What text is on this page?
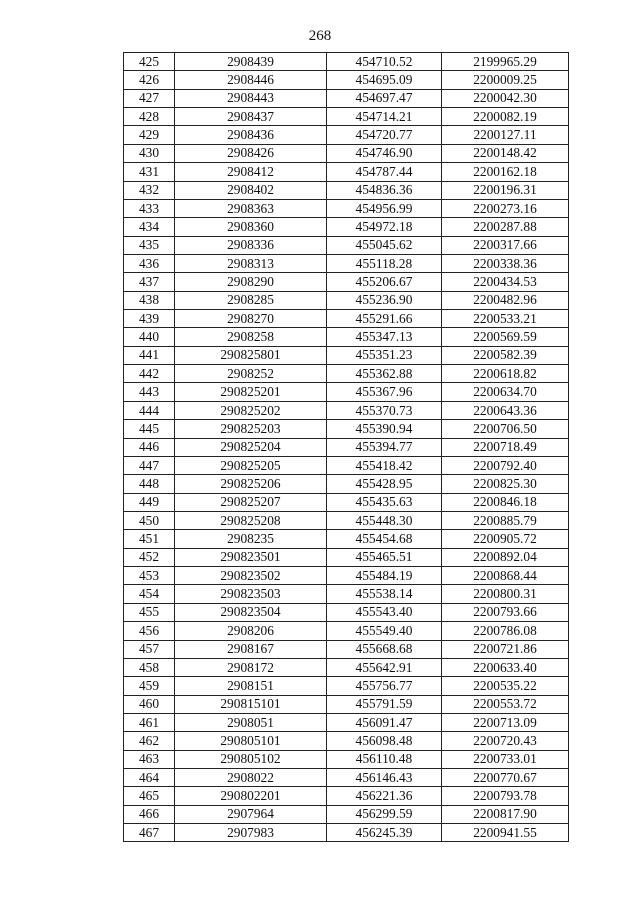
268
425	2908439	454710.52	2199965.29
426	2908446	454695.09	2200009.25
427	2908443	454697.47	2200042.30
428	2908437	454714.21	2200082.19
429	2908436	454720.77	2200127.11
430	2908426	454746.90	2200148.42
431	2908412	454787.44	2200162.18
432	2908402	454836.36	2200196.31
433	2908363	454956.99	2200273.16
434	2908360	454972.18	2200287.88
435	2908336	455045.62	2200317.66
436	2908313	455118.28	2200338.36
437	2908290	455206.67	2200434.53
438	2908285	455236.90	2200482.96
439	2908270	455291.66	2200533.21
440	2908258	455347.13	2200569.59
441	290825801	455351.23	2200582.39
442	2908252	455362.88	2200618.82
443	290825201	455367.96	2200634.70
444	290825202	455370.73	2200643.36
445	290825203	455390.94	2200706.50
446	290825204	455394.77	2200718.49
447	290825205	455418.42	2200792.40
448	290825206	455428.95	2200825.30
449	290825207	455435.63	2200846.18
450	290825208	455448.30	2200885.79
451	2908235	455454.68	2200905.72
452	290823501	455465.51	2200892.04
453	290823502	455484.19	2200868.44
454	290823503	455538.14	2200800.31
455	290823504	455543.40	2200793.66
456	2908206	455549.40	2200786.08
457	2908167	455668.68	2200721.86
458	2908172	455642.91	2200633.40
459	2908151	455756.77	2200535.22
460	290815101	455791.59	2200553.72
461	2908051	456091.47	2200713.09
462	290805101	456098.48	2200720.43
463	290805102	456110.48	2200733.01
464	2908022	456146.43	2200770.67
465	290802201	456221.36	2200793.78
466	2907964	456299.59	2200817.90
467	2907983	456245.39	2200941.55
